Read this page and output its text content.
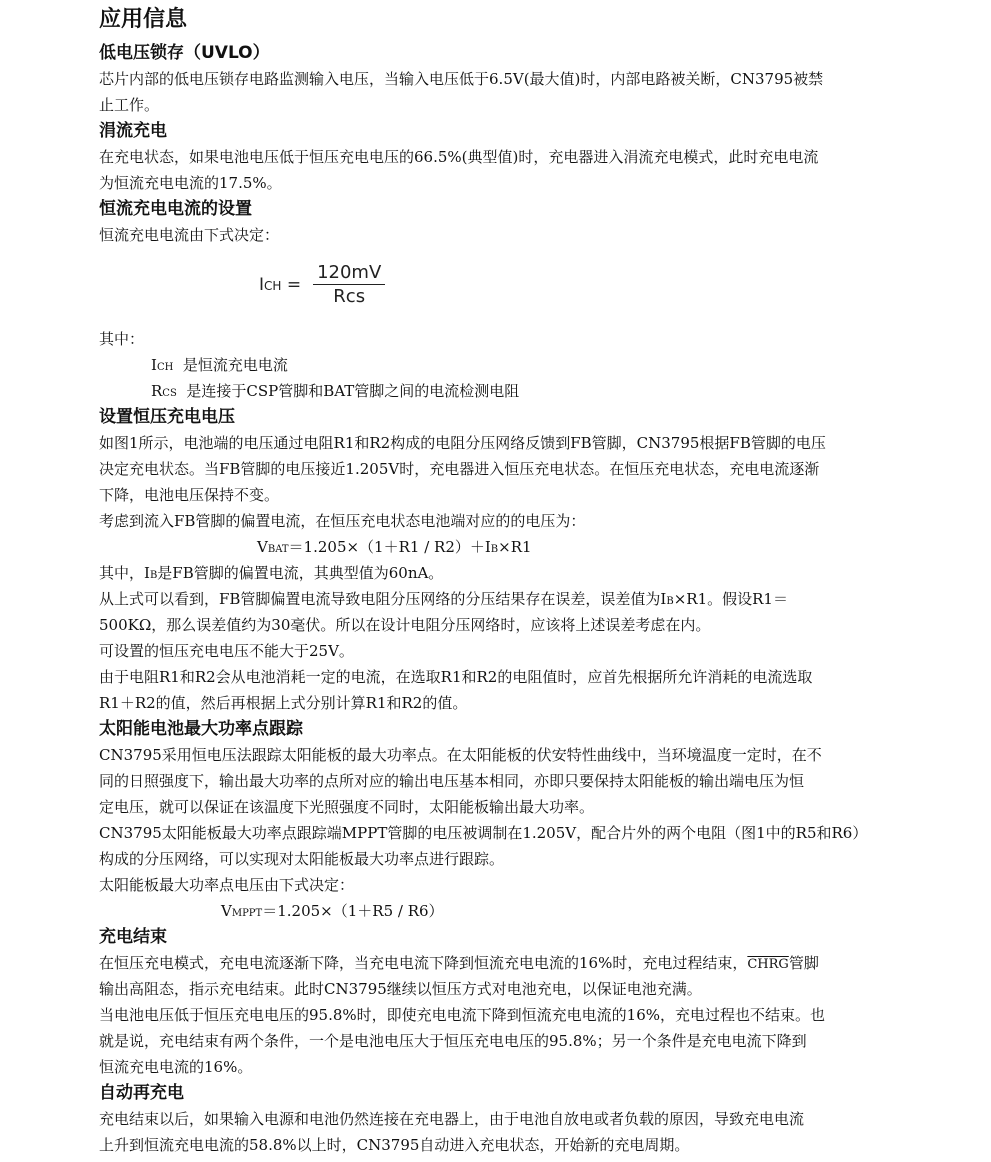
应用信息
低电压锁存（UVLO）
芯片内部的低电压锁存电路监测输入电压，当输入电压低于6.5V(最大值)时，内部电路被关断，CN3795被禁
止工作。
涓流充电
在充电状态，如果电池电压低于恒压充电电压的66.5%(典型值)时，充电器进入涓流充电模式，此时充电电流
为恒流充电电流的17.5%。
恒流充电电流的设置
恒流充电电流由下式决定：
ICH = $\frac{120mV}{\text{Rcs}}$
其中：
ICH 是恒流充电电流
RCS 是连接于CSP管脚和BAT管脚之间的电流检测电阻
设置恒压充电电压
如图1所示，电池端的电压通过电阻R1和R2构成的电阻分压网络反馈到FB管脚，CN3795根据FB管脚的电压
决定充电状态。当FB管脚的电压接近1.205V时，充电器进入恒压充电状态。在恒压充电状态，充电电流逐渐
下降，电池电压保持不变。
考虑到流入FB管脚的偏置电流，在恒压充电状态电池端对应的的电压为：
VBAT＝1.205×（1＋R1 / R2）＋IB×R1
其中，IB是FB管脚的偏置电流，其典型值为60nA。
从上式可以看到，FB管脚偏置电流导致电阻分压网络的分压结果存在误差，误差值为IB×R1。假设R1＝
500KΩ，那么误差值约为30毫伏。所以在设计电阻分压网络时，应该将上述误差考虑在内。
可设置的恒压充电电压不能大于25V。
由于电阻R1和R2会从电池消耗一定的电流，在选取R1和R2的电阻值时，应首先根据所允许消耗的电流选取
R1＋R2的值，然后再根据上式分别计算R1和R2的值。
太阳能电池最大功率点跟踪
CN3795采用恒电压法跟踪太阳能板的最大功率点。在太阳能板的伏安特性曲线中，当环境温度一定时，在不
同的日照强度下，输出最大功率的点所对应的输出电压基本相同，亦即只要保持太阳能板的输出端电压为恒
定电压，就可以保证在该温度下光照强度不同时，太阳能板输出最大功率。
CN3795太阳能板最大功率点跟踪端MPPT管脚的电压被调制在1.205V，配合片外的两个电阻（图1中的R5和R6）
构成的分压网络，可以实现对太阳能板最大功率点进行跟踪。
太阳能板最大功率点电压由下式决定：
VMPPT＝1.205×（1＋R5 / R6）
充电结束
在恒压充电模式，充电电流逐渐下降，当充电电流下降到恒流充电电流的16%时，充电过程结束，CHRG管脚
输出高阻态，指示充电结束。此时CN3795继续以恒压方式对电池充电，以保证电池充满。
当电池电压低于恒压充电电压的95.8%时，即使充电电流下降到恒流充电电流的16%，充电过程也不结束。也
就是说，充电结束有两个条件，一个是电池电压大于恒压充电电压的95.8%；另一个条件是充电电流下降到
恒流充电电流的16%。
自动再充电
充电结束以后，如果输入电源和电池仍然连接在充电器上，由于电池自放电或者负载的原因，导致充电电流
上升到恒流充电电流的58.8%以上时，CN3795自动进入充电状态，开始新的充电周期。
